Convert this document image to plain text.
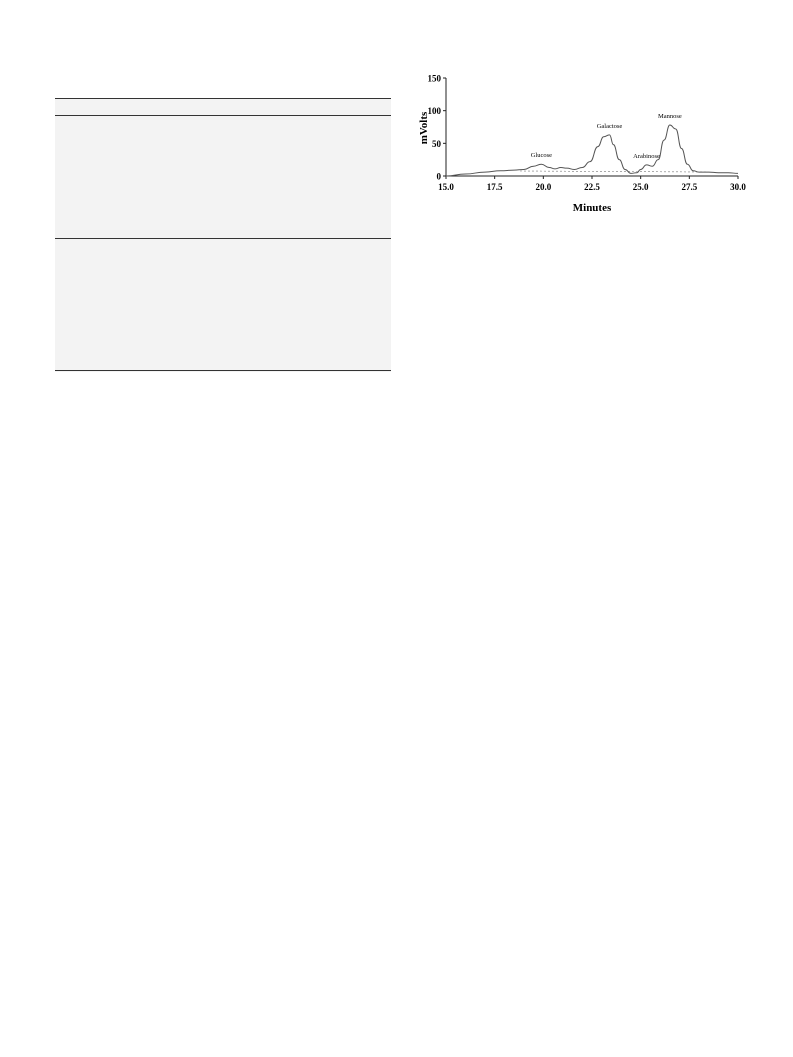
0
50
100
150
15.0	17.5	20.0	22.5	25.0	27.5	30.0
Minutes
mVolts
Glucose
Galactose
Arabinose
Mannose
